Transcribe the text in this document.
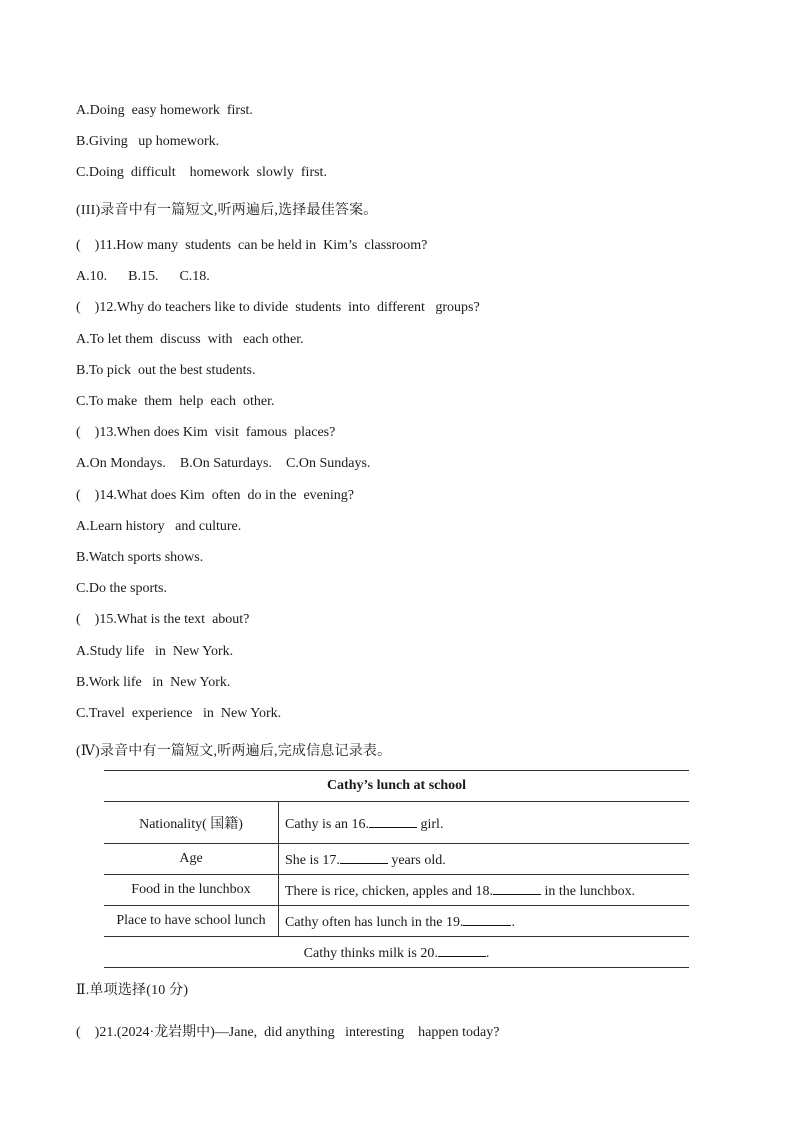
A.Doing  easy homework  first.
B.Giving   up homework.
C.Doing  difficult    homework  slowly  first.
(III)录音中有一篇短文,听两遍后,选择最佳答案。
(    )11.How many  students  can be held in  Kim’s  classroom?
A.10.      B.15.      C.18.
(    )12.Why do teachers like to divide  students  into  different   groups?
A.To let them  discuss  with   each other.
B.To pick  out the best students.
C.To make  them  help  each  other.
(    )13.When does Kim  visit  famous  places?
A.On Mondays.    B.On Saturdays.    C.On Sundays.
(    )14.What does Kim  often  do in the  evening?
A.Learn history   and culture.
B.Watch sports shows.
C.Do the sports.
(    )15.What is the text  about?
A.Study life   in  New York.
B.Work life   in  New York.
C.Travel  experience   in  New York.
(Ⅳ)录音中有一篇短文,听两遍后,完成信息记录表。
Cathy’s lunch at school	
Nationality( 国籍)	Cathy is an 16. girl.
Age	She is 17. years old.
Food in the lunchbox	There is rice, chicken, apples and 18. in the lunchbox.
Place to have school lunch	Cathy often has lunch in the 19. .
Cathy thinks milk is 20. .	
Ⅱ.单项选择(10 分)
(    )21.(2024·龙岩期中)—Jane,  did anything   interesting    happen today?
